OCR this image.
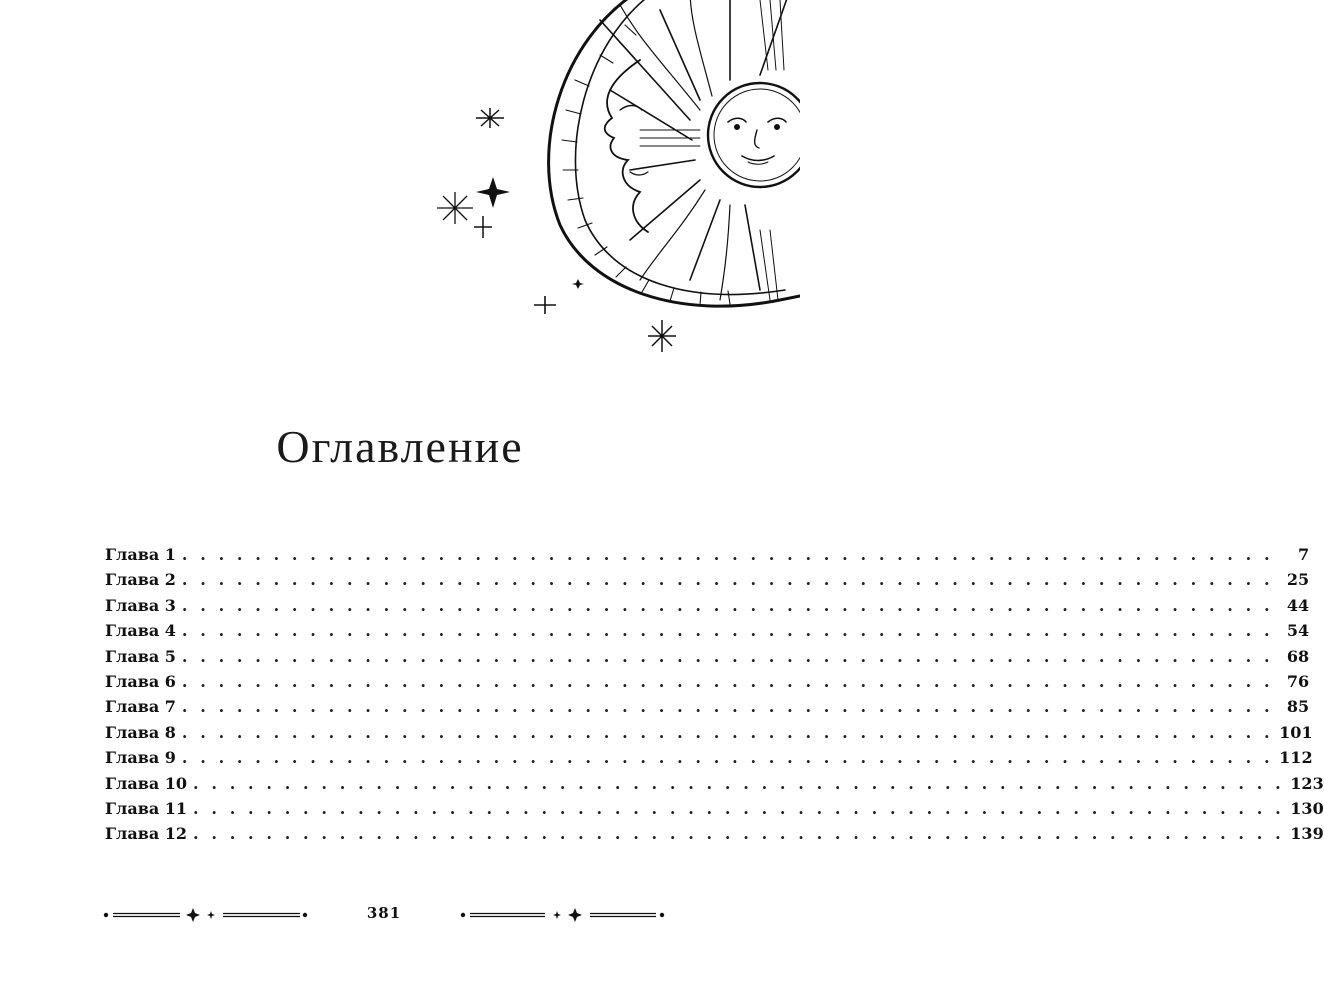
Оглавление
Глава 1 . . . . . . . . . . . . . . . . . . . . . . . . . . . . . . . . . . . . . . . . . . . . . . . . . . . . . . . . . . . .	7
Глава 2 . . . . . . . . . . . . . . . . . . . . . . . . . . . . . . . . . . . . . . . . . . . . . . . . . . . . . . . . . . . . 25
Глава 3 . . . . . . . . . . . . . . . . . . . . . . . . . . . . . . . . . . . . . . . . . . . . . . . . . . . . . . . . . . . . 44
Глава 4 . . . . . . . . . . . . . . . . . . . . . . . . . . . . . . . . . . . . . . . . . . . . . . . . . . . . . . . . . . . . 54
Глава 5 . . . . . . . . . . . . . . . . . . . . . . . . . . . . . . . . . . . . . . . . . . . . . . . . . . . . . . . . . . . . 68
Глава 6 . . . . . . . . . . . . . . . . . . . . . . . . . . . . . . . . . . . . . . . . . . . . . . . . . . . . . . . . . . . . 76
Глава 7 . . . . . . . . . . . . . . . . . . . . . . . . . . . . . . . . . . . . . . . . . . . . . . . . . . . . . . . . . . . . 85
Глава 8 . . . . . . . . . . . . . . . . . . . . . . . . . . . . . . . . . . . . . . . . . . . . . . . . . . . . . . . . . . . . 101
Глава 9 . . . . . . . . . . . . . . . . . . . . . . . . . . . . . . . . . . . . . . . . . . . . . . . . . . . . . . . . . . . . 112
Глава 10 . . . . . . . . . . . . . . . . . . . . . . . . . . . . . . . . . . . . . . . . . . . . . . . . . . . . . . . . . . . . 123
Глава 11 . . . . . . . . . . . . . . . . . . . . . . . . . . . . . . . . . . . . . . . . . . . . . . . . . . . . . . . . . . . . 130
Глава 12 . . . . . . . . . . . . . . . . . . . . . . . . . . . . . . . . . . . . . . . . . . . . . . . . . . . . . . . . . . . . 139
381
